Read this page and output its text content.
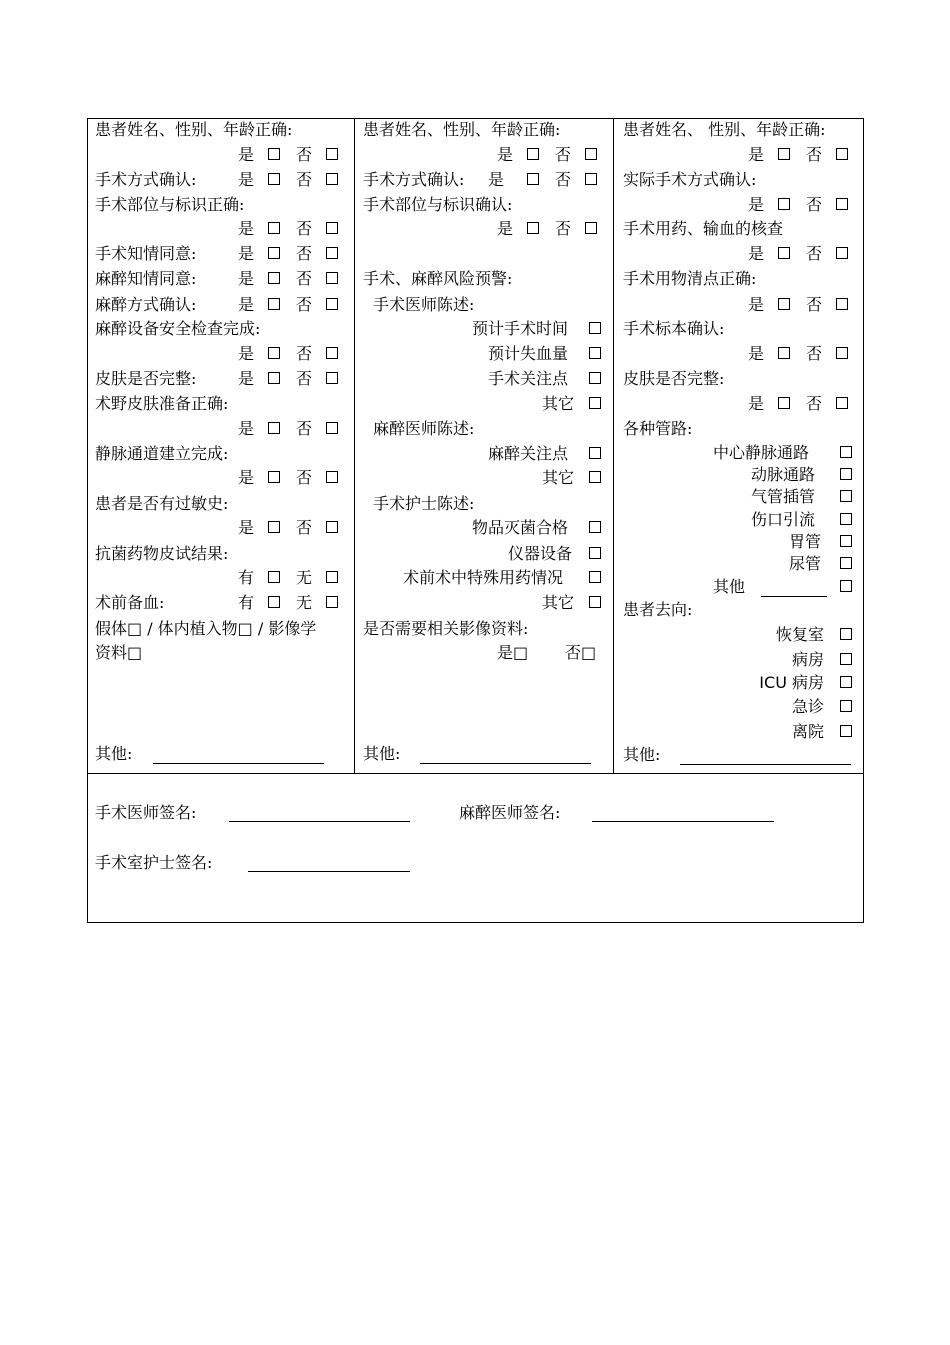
患者姓名、性别、年龄正确:
是	否
手术方式确认:	是	否
手术部位与标识正确:
是	否
手术知情同意:	是	否
麻醉知情同意:	是	否
麻醉方式确认:	是	否
麻醉设备安全检查完成:
是	否
皮肤是否完整:	是	否
术野皮肤准备正确:
是	否
静脉通道建立完成:
是	否
患者是否有过敏史:
是	否
抗菌药物皮试结果:
有	无
术前备血:	有	无
假体□ / 体内植入物□ / 影像学
资料□
其他:
患者姓名、性别、年龄正确:
是	否
手术方式确认: 是	否
手术部位与标识确认:
是	否
手术、麻醉风险预警:
手术医师陈述:
预计手术时间
预计失血量
手术关注点
其它
麻醉医师陈述:
麻醉关注点
其它
手术护士陈述:
物品灭菌合格
仪器设备
术前术中特殊用药情况
其它
是否需要相关影像资料:
是□ 否□
其他:
患者姓名、 性别、年龄正确:
是	否
实际手术方式确认:
是	否
手术用药、输血的核查
是	否
手术用物清点正确:
是	否
手术标本确认:
是	否
皮肤是否完整:
是	否
各种管路:
中心静脉通路
动脉通路
气管插管
伤口引流
胃管
尿管
其他
患者去向:
恢复室
病房
ICU 病房
急诊
离院
其他:
手术医师签名:	麻醉医师签名:
手术室护士签名:
